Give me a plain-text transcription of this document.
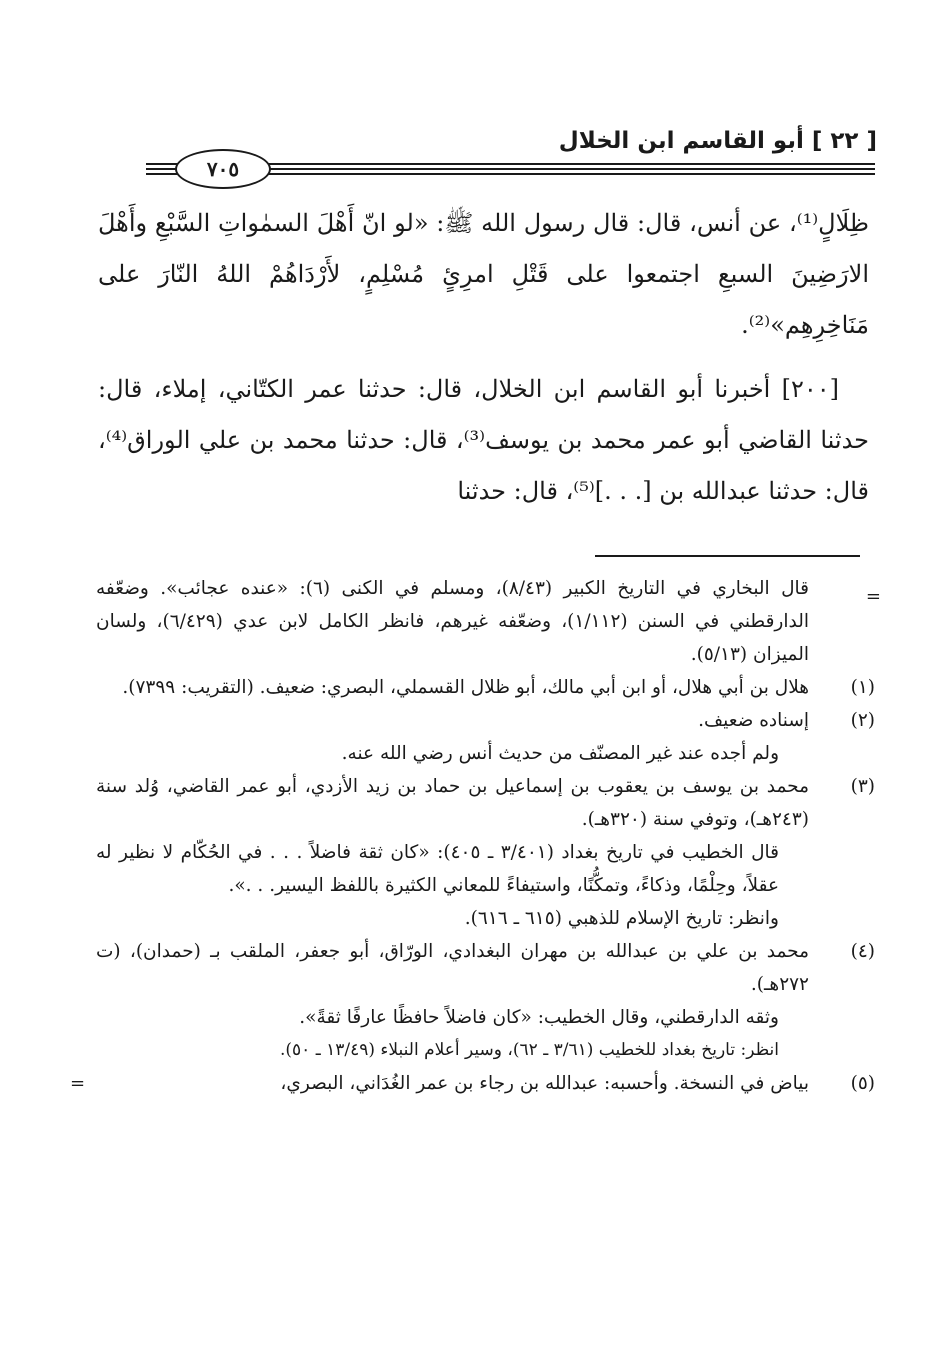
[ ٢٢ ] أبو القاسم ابن الخلال
٧٠٥
ظِلَالٍ⁽¹⁾، عن أنس، قال: قال رسول الله ﷺ: «لو انّ أَهْلَ السمٰواتِ السَّبْعِ وأَهْلَ الارَضِينَ السبعِ اجتمعوا على قَتْلِ امرِئٍ مُسْلِمٍ، لأَرْدَاهُمْ اللهُ النّارَ على مَنَاخِرِهِم»⁽²⁾.
[٢٠٠] أخبرنا أبو القاسم ابن الخلال، قال: حدثنا عمر الكتّاني، إملاء، قال: حدثنا القاضي أبو عمر محمد بن يوسف⁽³⁾، قال: حدثنا محمد بن علي الوراق⁽⁴⁾، قال: حدثنا عبدالله بن [. . .]⁽⁵⁾، قال: حدثنا
=
قال البخاري في التاريخ الكبير (٨/٤٣)، ومسلم في الكنى (٦): «عنده عجائب». وضعّفه الدارقطني في السنن (١/١١٢)، وضعّفه غيرهم، فانظر الكامل لابن عدي (٦/٤٢٩)، ولسان الميزان (٥/١٣).
(١)
هلال بن أبي هلال، أو ابن أبي مالك، أبو ظلال القسملي، البصري: ضعيف. (التقريب: ٧٣٩٩).
(٢)
إسناده ضعيف.
ولم أجده عند غير المصنّف من حديث أنس رضي الله عنه.
(٣)
محمد بن يوسف بن يعقوب بن إسماعيل بن حماد بن زيد الأزدي، أبو عمر القاضي، وُلد سنة (٢٤٣هـ)، وتوفي سنة (٣٢٠هـ).
قال الخطيب في تاريخ بغداد (٣/٤٠١ ـ ٤٠٥): «كان ثقة فاضلاً . . . في الحُكّام لا نظير له عقلاً، وحِلْمًا، وذكاءً، وتمكُّنًا، واستيفاءً للمعاني الكثيرة باللفظ اليسير. . .».
وانظر: تاريخ الإسلام للذهبي (٦١٥ ـ ٦١٦).
(٤)
محمد بن علي بن عبدالله بن مهران البغدادي، الورّاق، أبو جعفر، الملقب بـ (حمدان)، (ت ٢٧٢هـ).
وثقه الدارقطني، وقال الخطيب: «كان فاضلاً حافظًا عارفًا ثقةً».
انظر: تاريخ بغداد للخطيب (٣/٦١ ـ ٦٢)، وسير أعلام النبلاء (١٣/٤٩ ـ ٥٠).
(٥)
بياض في النسخة. وأحسبه: عبدالله بن رجاء بن عمر الغُدَاني، البصري،
=
